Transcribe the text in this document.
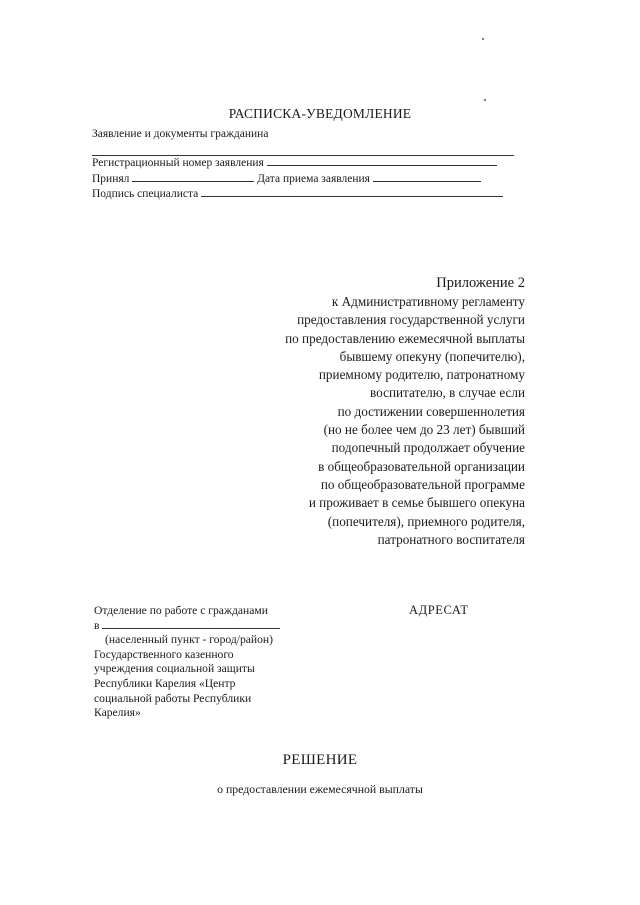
РАСПИСКА-УВЕДОМЛЕНИЕ
Заявление и документы гражданина
Регистрационный номер заявления
Принял	Дата приема заявления
Подпись специалиста
Приложение 2
к Административному регламенту
предоставления государственной услуги
по предоставлению ежемесячной выплаты
бывшему опекуну (попечителю),
приемному родителю, патронатному
воспитателю, в случае если
по достижении совершеннолетия
(но не более чем до 23 лет) бывший
подопечный продолжает обучение
в общеобразовательной организации
по общеобразовательной программе
и проживает в семье бывшего опекуна
(попечителя), приемного родителя,
патронатного воспитателя
Отделение по работе с гражданами
в
(населенный пункт - город/район)
Государственного казенного
учреждения социальной защиты
Республики Карелия «Центр
социальной работы Республики
Карелия»
АДРЕСАТ
РЕШЕНИЕ
о предоставлении ежемесячной выплаты
